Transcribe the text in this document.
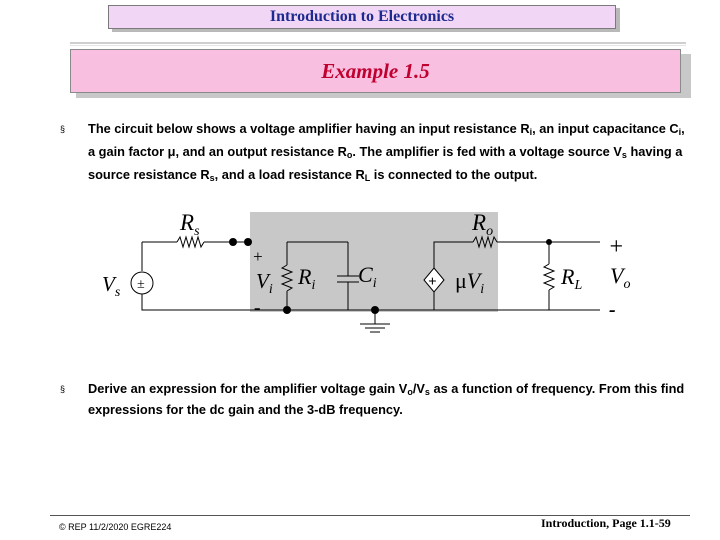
Introduction to Electronics
Example 1.5
§ The circuit below shows a voltage amplifier having an input resistance $R_i$, an input capacitance $C_i$, a gain factor μ, and an output resistance $R_o$. The amplifier is fed with a voltage source $V_s$ having a source resistance $R_s$, and a load resistance $R_L$ is connected to the output.
$R_s$
$V_s$
±
+
$V_i$
-
$R_i$ $C_i$	+ $\mu V_i$
$R_o$
$R_L$
+
$V_o$
-
§ Derive an expression for the amplifier voltage gain $V_o/V_s$ as a function of frequency. From this find expressions for the dc gain and the 3-dB frequency.
© REP 11/2/2020 EGRE224	Introduction, Page 1.1-59
